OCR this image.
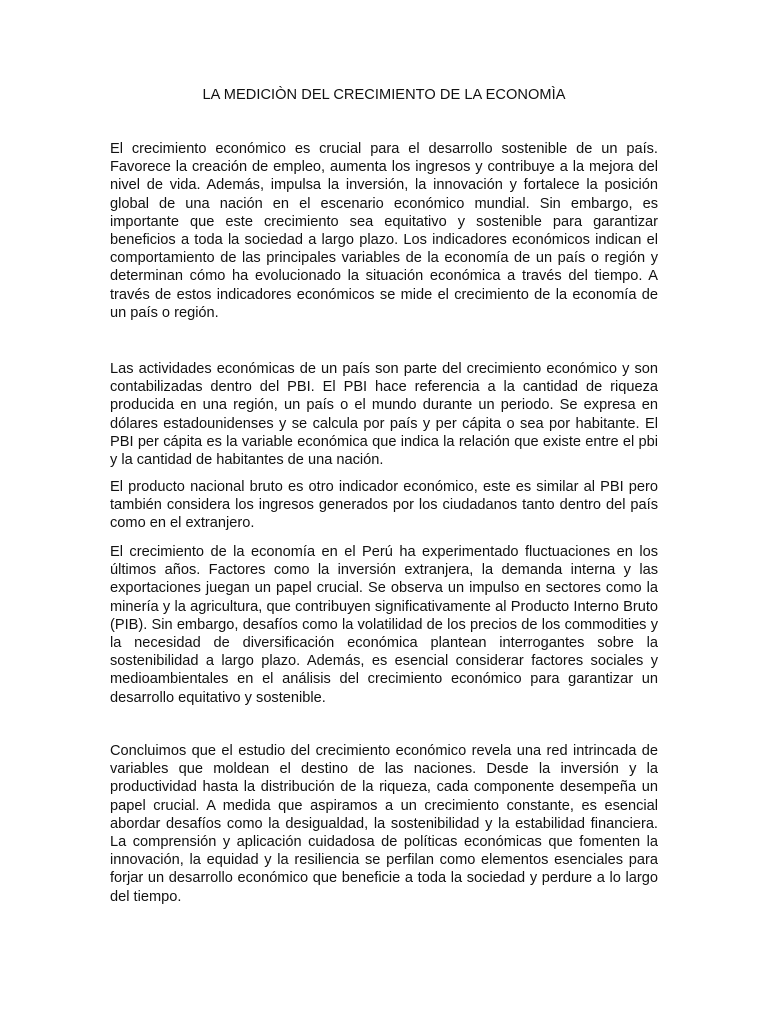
LA MEDICIÒN DEL CRECIMIENTO DE LA ECONOMÌA

El crecimiento económico es crucial para el desarrollo sostenible de un país. Favorece la creación de empleo, aumenta los ingresos y contribuye a la mejora del nivel de vida. Además, impulsa la inversión, la innovación y fortalece la posición global de una nación en el escenario económico mundial. Sin embargo, es importante que este crecimiento sea equitativo y sostenible para garantizar beneficios a toda la sociedad a largo plazo. Los indicadores económicos indican el comportamiento de las principales variables de la economía de un país o región y determinan cómo ha evolucionado la situación económica a través del tiempo. A través de estos indicadores económicos se mide el crecimiento de la economía de un país o región.

Las actividades económicas de un país son parte del crecimiento económico y son contabilizadas dentro del PBI. El PBI hace referencia a la cantidad de riqueza producida en una región, un país o el mundo durante un periodo. Se expresa en dólares estadounidenses y se calcula por país y per cápita o sea por habitante. El PBI per cápita es la variable económica que indica la relación que existe entre el pbi y la cantidad de habitantes de una nación.

El producto nacional bruto es otro indicador económico, este es similar al PBI pero también considera los ingresos generados por los ciudadanos tanto dentro del país como en el extranjero.

El crecimiento de la economía en el Perú ha experimentado fluctuaciones en los últimos años. Factores como la inversión extranjera, la demanda interna y las exportaciones juegan un papel crucial. Se observa un impulso en sectores como la minería y la agricultura, que contribuyen significativamente al Producto Interno Bruto (PIB). Sin embargo, desafíos como la volatilidad de los precios de los commodities y la necesidad de diversificación económica plantean interrogantes sobre la sostenibilidad a largo plazo. Además, es esencial considerar factores sociales y medioambientales en el análisis del crecimiento económico para garantizar un desarrollo equitativo y sostenible.

Concluimos que el estudio del crecimiento económico revela una red intrincada de variables que moldean el destino de las naciones. Desde la inversión y la productividad hasta la distribución de la riqueza, cada componente desempeña un papel crucial. A medida que aspiramos a un crecimiento constante, es esencial abordar desafíos como la desigualdad, la sostenibilidad y la estabilidad financiera. La comprensión y aplicación cuidadosa de políticas económicas que fomenten la innovación, la equidad y la resiliencia se perfilan como elementos esenciales para forjar un desarrollo económico que beneficie a toda la sociedad y perdure a lo largo del tiempo.
